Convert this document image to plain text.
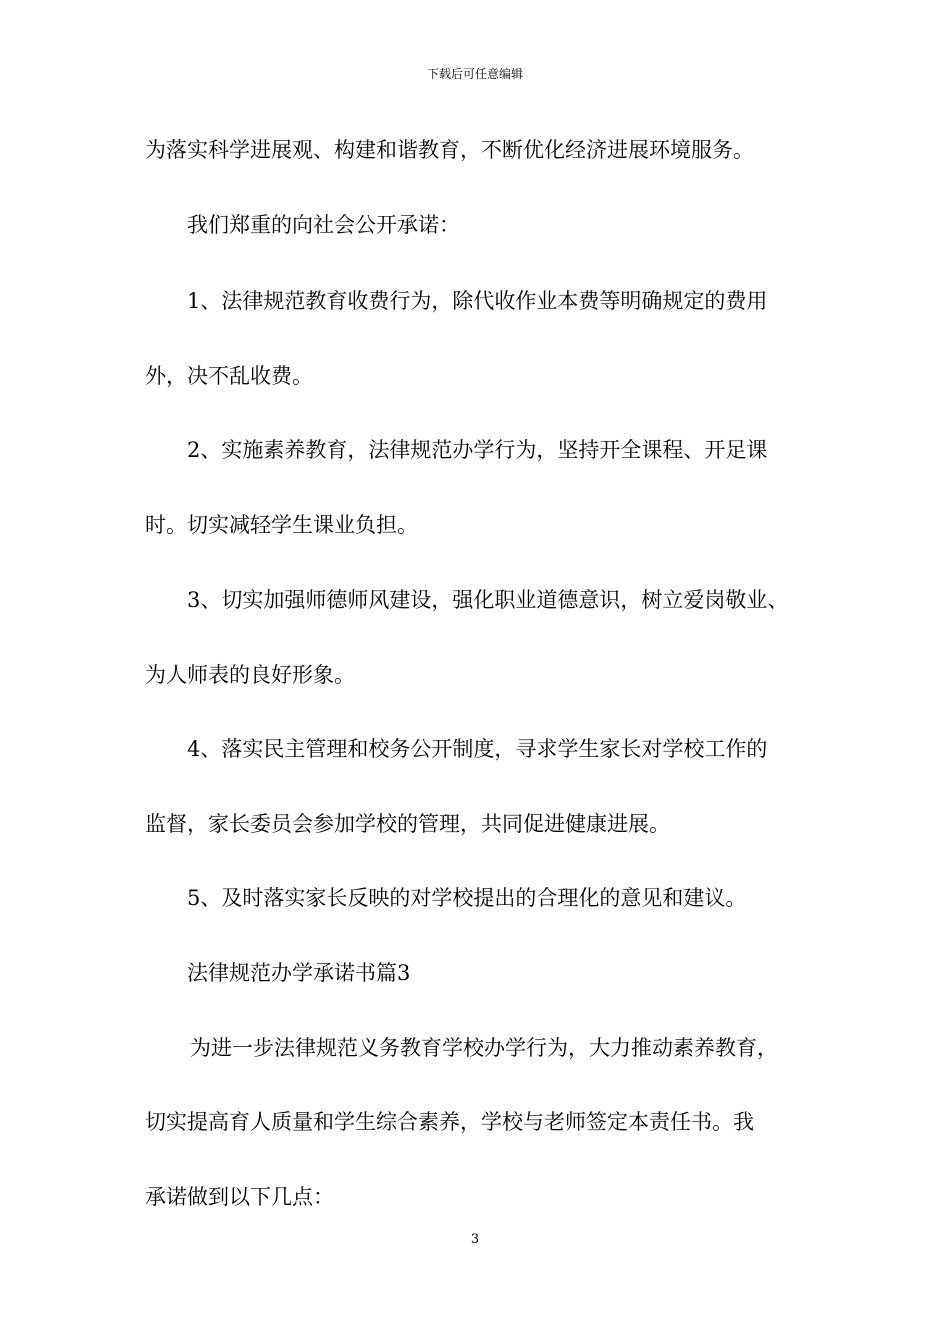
下载后可任意编辑
为落实科学进展观、构建和谐教育，不断优化经济进展环境服务。
我们郑重的向社会公开承诺：
1、法律规范教育收费行为，除代收作业本费等明确规定的费用
外，决不乱收费。
2、实施素养教育，法律规范办学行为，坚持开全课程、开足课
时。切实减轻学生课业负担。
3、切实加强师德师风建设，强化职业道德意识，树立爱岗敬业、
为人师表的良好形象。
4、落实民主管理和校务公开制度，寻求学生家长对学校工作的
监督，家长委员会参加学校的管理，共同促进健康进展。
5、及时落实家长反映的对学校提出的合理化的意见和建议。
法律规范办学承诺书篇3
为进一步法律规范义务教育学校办学行为，大力推动素养教育，
切实提高育人质量和学生综合素养，学校与老师签定本责任书。我
承诺做到以下几点：
3
